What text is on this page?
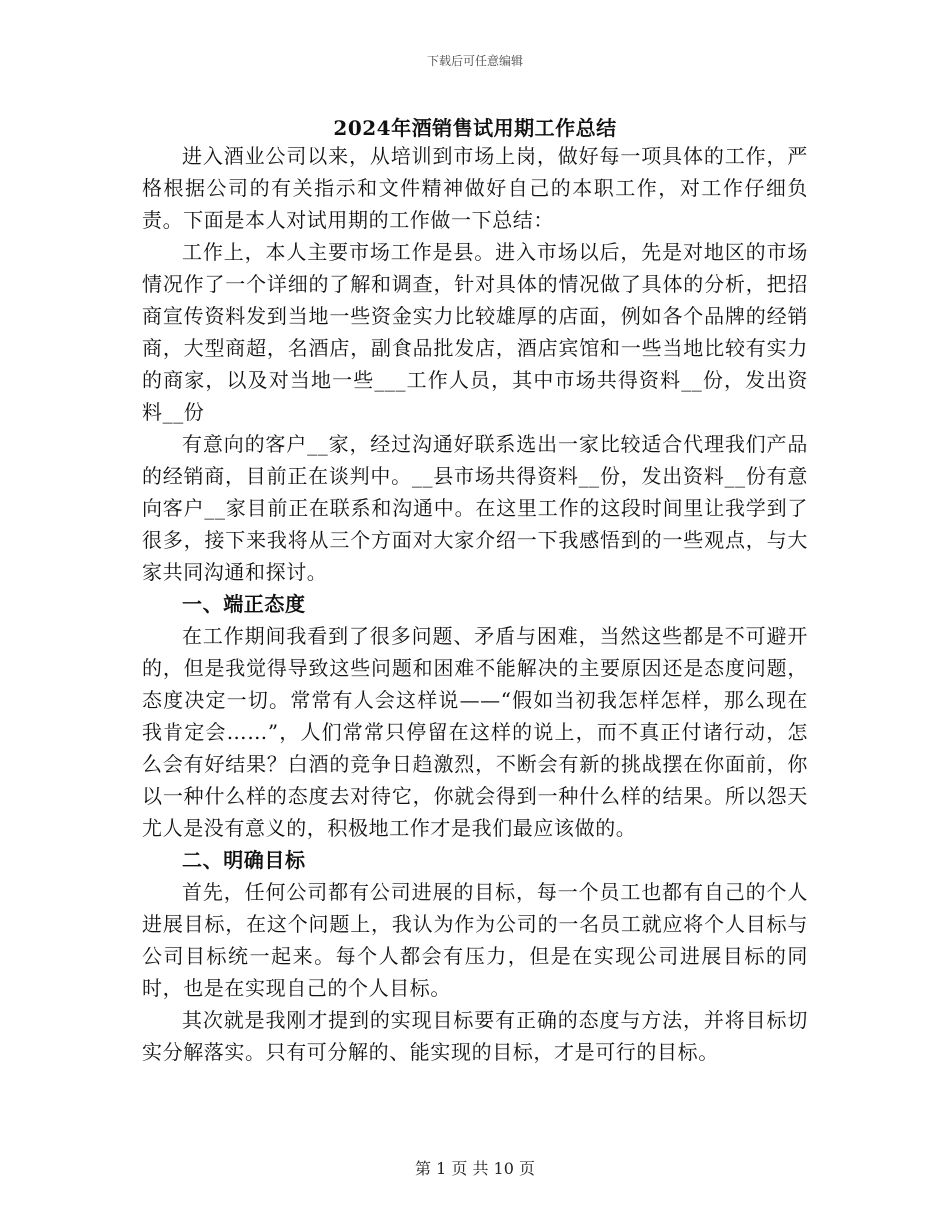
下载后可任意编辑
2024年酒销售试用期工作总结

进入酒业公司以来，从培训到市场上岗，做好每一项具体的工作，严格根据公司的有关指示和文件精神做好自己的本职工作，对工作仔细负责。下面是本人对试用期的工作做一下总结：

工作上，本人主要市场工作是县。进入市场以后，先是对地区的市场情况作了一个详细的了解和调查，针对具体的情况做了具体的分析，把招商宣传资料发到当地一些资金实力比较雄厚的店面，例如各个品牌的经销商，大型商超，名酒店，副食品批发店，酒店宾馆和一些当地比较有实力的商家，以及对当地一些___工作人员，其中市场共得资料__份，发出资料__份

有意向的客户__家，经过沟通好联系选出一家比较适合代理我们产品的经销商，目前正在谈判中。__县市场共得资料__份，发出资料__份有意向客户__家目前正在联系和沟通中。在这里工作的这段时间里让我学到了很多，接下来我将从三个方面对大家介绍一下我感悟到的一些观点，与大家共同沟通和探讨。

一、端正态度

在工作期间我看到了很多问题、矛盾与困难，当然这些都是不可避开的，但是我觉得导致这些问题和困难不能解决的主要原因还是态度问题，态度决定一切。常常有人会这样说——“假如当初我怎样怎样，那么现在我肯定会……”，人们常常只停留在这样的说上，而不真正付诸行动，怎么会有好结果？白酒的竞争日趋激烈，不断会有新的挑战摆在你面前，你以一种什么样的态度去对待它，你就会得到一种什么样的结果。所以怨天尤人是没有意义的，积极地工作才是我们最应该做的。

二、明确目标

首先，任何公司都有公司进展的目标，每一个员工也都有自己的个人进展目标，在这个问题上，我认为作为公司的一名员工就应将个人目标与公司目标统一起来。每个人都会有压力，但是在实现公司进展目标的同时，也是在实现自己的个人目标。

其次就是我刚才提到的实现目标要有正确的态度与方法，并将目标切实分解落实。只有可分解的、能实现的目标，才是可行的目标。

第 1 页 共 10 页
